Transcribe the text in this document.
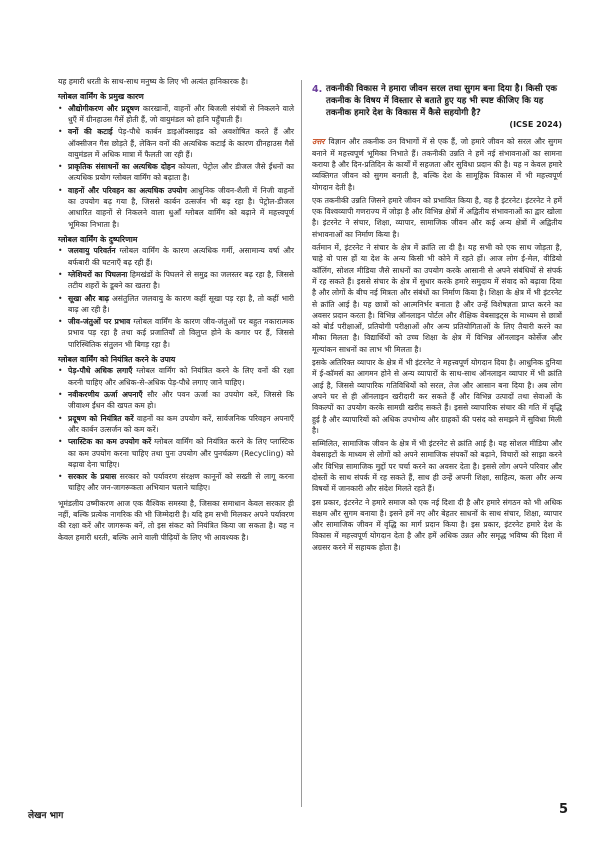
यह हमारी धरती के साथ-साथ मनुष्य के लिए भी अत्यंत हानिकारक है।

ग्लोबल वार्मिंग के प्रमुख कारण

• औद्योगीकरण और प्रदूषण कारखानों, वाहनों और बिजली संयंत्रों से निकलने वाले धुएँ में ग्रीनहाउस गैसें होती हैं, जो वायुमंडल को हानि पहुँचाती हैं।
• वनों की कटाई पेड़-पौधे कार्बन डाइऑक्साइड को अवशोषित करते हैं और ऑक्सीजन गैस छोड़ते हैं, लेकिन वनों की अत्यधिक कटाई के कारण ग्रीनहाउस गैसें वायुमंडल में अधिक मात्रा में फैलती जा रही हैं।
• प्राकृतिक संसाधनों का अत्यधिक दोहन कोयला, पेट्रोल और डीजल जैसे ईंधनों का अत्यधिक प्रयोग ग्लोबल वार्मिंग को बढ़ाता है।
• वाहनों और परिवहन का अत्यधिक उपयोग आधुनिक जीवन-शैली में निजी वाहनों का उपयोग बढ़ गया है, जिससे कार्बन उत्सर्जन भी बढ़ रहा है। पेट्रोल-डीजल आधारित वाहनों से निकलने वाला धुआँ ग्लोबल वार्मिंग को बढ़ाने में महत्त्वपूर्ण भूमिका निभाता है।

ग्लोबल वार्मिंग के दुष्परिणाम

• जलवायु परिवर्तन ग्लोबल वार्मिंग के कारण अत्यधिक गर्मी, असामान्य वर्षा और बर्फबारी की घटनाएँ बढ़ रही हैं।
• ग्लेशियरों का पिघलना हिमखंडों के पिघलने से समुद्र का जलस्तर बढ़ रहा है, जिससे तटीय शहरों के डूबने का खतरा है।
• सूखा और बाढ़ असंतुलित जलवायु के कारण कहीं सूखा पड़ रहा है, तो कहीं भारी बाढ़ आ रही है।
• जीव-जंतुओं पर प्रभाव ग्लोबल वार्मिंग के कारण जीव-जंतुओं पर बहुत नकारात्मक प्रभाव पड़ रहा है तथा कई प्रजातियाँ तो विलुप्त होने के कगार पर हैं, जिससे पारिस्थितिक संतुलन भी बिगड़ रहा है।

ग्लोबल वार्मिंग को नियंत्रित करने के उपाय

• पेड़-पौधे अधिक लगाएँ ग्लोबल वार्मिंग को नियंत्रित करने के लिए वनों की रक्षा करनी चाहिए और अधिक-से-अधिक पेड़-पौधे लगाए जाने चाहिए।
• नवीकरणीय ऊर्जा अपनाएँ सौर और पवन ऊर्जा का उपयोग करें, जिससे कि जीवाश्म ईंधन की खपत कम हो।
• प्रदूषण को नियंत्रित करें वाहनों का कम उपयोग करें, सार्वजनिक परिवहन अपनाएँ और कार्बन उत्सर्जन को कम करें।
• प्लास्टिक का कम उपयोग करें ग्लोबल वार्मिंग को नियंत्रित करने के लिए प्लास्टिक का कम उपयोग करना चाहिए तथा पुनः उपयोग और पुनर्चक्रण (Recycling) को बढ़ावा देना चाहिए।
• सरकार के प्रयास सरकार को पर्यावरण संरक्षण कानूनों को सख्ती से लागू करना चाहिए और जन-जागरूकता अभियान चलाने चाहिए।

भूमंडलीय उष्मीकरण आज एक वैश्विक समस्या है, जिसका समाधान केवल सरकार ही नहीं, बल्कि प्रत्येक नागरिक की भी जिम्मेदारी है। यदि हम सभी मिलकर अपने पर्यावरण की रक्षा करें और जागरूक बनें, तो इस संकट को नियंत्रित किया जा सकता है। यह न केवल हमारी धरती, बल्कि आने वाली पीढ़ियों के लिए भी आवश्यक है।

4. तकनीकी विकास ने हमारा जीवन सरल तथा सुगम बना दिया है। किसी एक तकनीक के विषय में विस्तार से बताते हुए यह भी स्पष्ट कीजिए कि यह तकनीक हमारे देश के विकास में कैसे सहयोगी है?

(ICSE 2024)

उत्तर विज्ञान और तकनीक उन विभागों में से एक हैं, जो हमारे जीवन को सरल और सुगम बनाने में महत्त्वपूर्ण भूमिका निभाते हैं। तकनीकी उन्नति ने हमें नई संभावनाओं का सामना कराया है और दिन-प्रतिदिन के कार्यों में सहजता और सुविधा प्रदान की है। यह न केवल हमारे व्यक्तिगत जीवन को सुगम बनाती है, बल्कि देश के सामूहिक विकास में भी महत्त्वपूर्ण योगदान देती है।

एक तकनीकी उन्नति जिसने हमारे जीवन को प्रभावित किया है, वह है इंटरनेट। इंटरनेट ने हमें एक विश्वव्यापी गणराज्य में जोड़ा है और विभिन्न क्षेत्रों में अद्वितीय संभावनाओं का द्वार खोला है। इंटरनेट ने संचार, शिक्षा, व्यापार, सामाजिक जीवन और कई अन्य क्षेत्रों में अद्वितीय संभावनाओं का निर्माण किया है।

वर्तमान में, इंटरनेट ने संचार के क्षेत्र में क्रांति ला दी है। यह सभी को एक साथ जोड़ता है, चाहे वो पास हों या देश के अन्य किसी भी कोने में रहते हों। आज लोग ई-मेल, वीडियो कॉलिंग, सोशल मीडिया जैसे साधनों का उपयोग करके आसानी से अपने संबंधियों से संपर्क में रह सकते हैं। इससे संचार के क्षेत्र में सुधार करके हमारे समुदाय में संवाद को बढ़ावा दिया है और लोगों के बीच नई मित्रता और संबंधों का निर्माण किया है। शिक्षा के क्षेत्र में भी इंटरनेट से क्रांति आई है। यह छात्रों को आत्मनिर्भर बनाता है और उन्हें विशेषज्ञता प्राप्त करने का अवसर प्रदान करता है। विभिन्न ऑनलाइन पोर्टल और शैक्षिक वेबसाइट्स के माध्यम से छात्रों को बोर्ड परीक्षाओं, प्रतियोगी परीक्षाओं और अन्य प्रतियोगिताओं के लिए तैयारी करने का मौका मिलता है। विद्यार्थियों को उच्च शिक्षा के क्षेत्र में विभिन्न ऑनलाइन कोर्सेज और मूल्यांकन साधनों का लाभ भी मिलता है।

इसके अतिरिक्त व्यापार के क्षेत्र में भी इंटरनेट ने महत्त्वपूर्ण योगदान दिया है। आधुनिक दुनिया में ई-कॉमर्स का आगमन होने से अन्य व्यापारों के साथ-साथ ऑनलाइन व्यापार में भी क्रांति आई है, जिससे व्यापारिक गतिविधियों को सरल, तेज और आसान बना दिया है। अब लोग अपने घर से ही ऑनलाइन खरीदारी कर सकते हैं और विभिन्न उत्पादों तथा सेवाओं के विकल्पों का उपयोग करके सामग्री खरीद सकते हैं। इससे व्यापारिक संचार की गति में वृद्धि हुई है और व्यापारियों को अधिक उपभोग्य और ग्राहकों की पसंद को समझने में सुविधा मिली है।

सम्मिलित, सामाजिक जीवन के क्षेत्र में भी इंटरनेट से क्रांति आई है। यह सोशल मीडिया और वेबसाइटों के माध्यम से लोगों को अपने सामाजिक संपर्कों को बढ़ाने, विचारों को साझा करने और विभिन्न सामाजिक मुद्दों पर चर्चा करने का अवसर देता है। इससे लोग अपने परिवार और दोस्तों के साथ संपर्क में रह सकते हैं, साथ ही उन्हें अपनी शिक्षा, साहित्य, कला और अन्य विषयों में जानकारी और संदेश मिलते रहते हैं।

इस प्रकार, इंटरनेट ने हमारे समाज को एक नई दिशा दी है और हमारे संगठन को भी अधिक सक्षम और सुगम बनाया है। इसने हमें नए और बेहतर साधनों के साथ संचार, शिक्षा, व्यापार और सामाजिक जीवन में वृद्धि का मार्ग प्रदान किया है। इस प्रकार, इंटरनेट हमारे देश के विकास में महत्त्वपूर्ण योगदान देता है और हमें अधिक उन्नत और समृद्ध भविष्य की दिशा में अग्रसर करने में सहायक होता है।

लेखन भाग	5
